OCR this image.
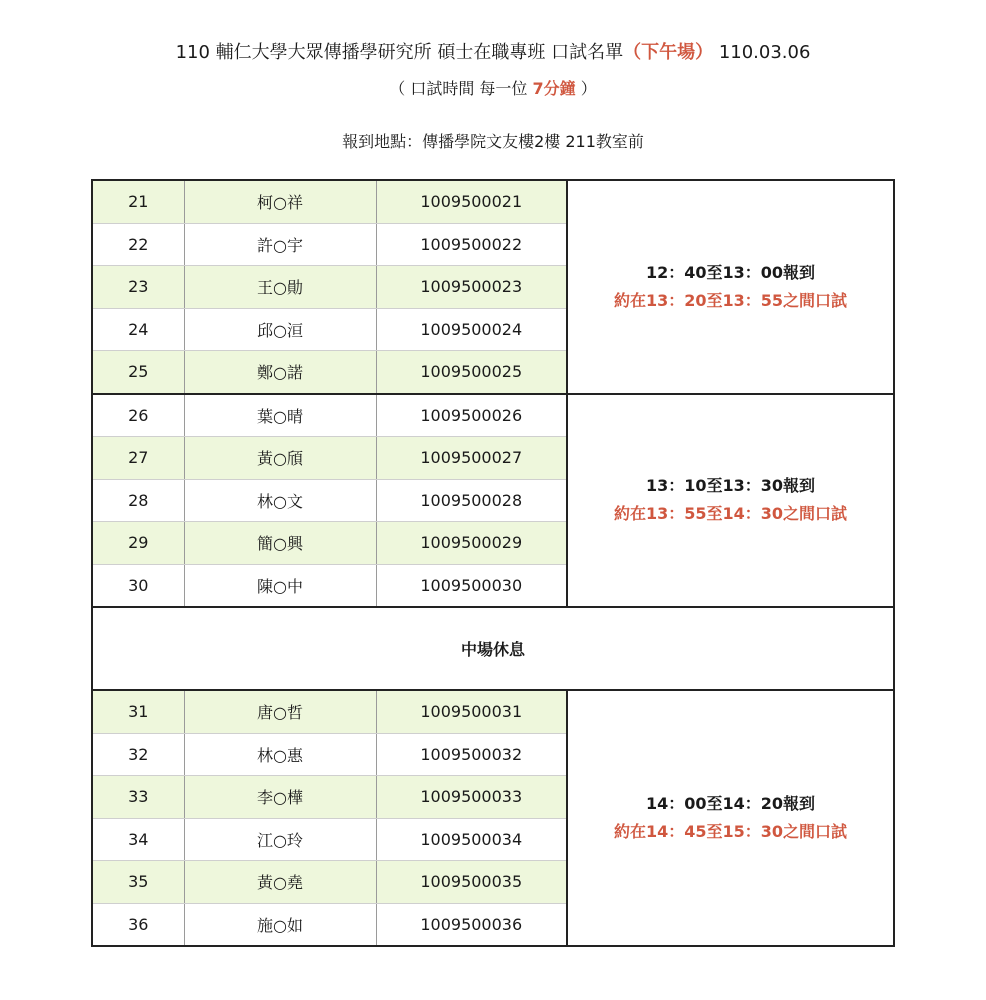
110 輔仁大學大眾傳播學研究所 碩士在職專班 口試名單（下午場） 110.03.06
（ 口試時間 每一位 7分鐘 ）
報到地點：傳播學院文友樓2樓 211教室前
21	柯○祥	1009500021	12：40至13：00報到
約在13：20至13：55之間口試

22	許○宇	1009500022	
23	王○勛	1009500023	
24	邱○洹	1009500024	
25	鄭○諾	1009500025	
26	葉○晴	1009500026	13：10至13：30報到
約在13：55至14：30之間口試

27	黃○頎	1009500027	
28	林○文	1009500028	
29	簡○興	1009500029	
30	陳○中	1009500030	
中場休息			
31	唐○哲	1009500031	14：00至14：20報到
約在14：45至15：30之間口試

32	林○惠	1009500032	
33	李○樺	1009500033	
34	江○玲	1009500034	
35	黃○堯	1009500035	
36	施○如	1009500036	
